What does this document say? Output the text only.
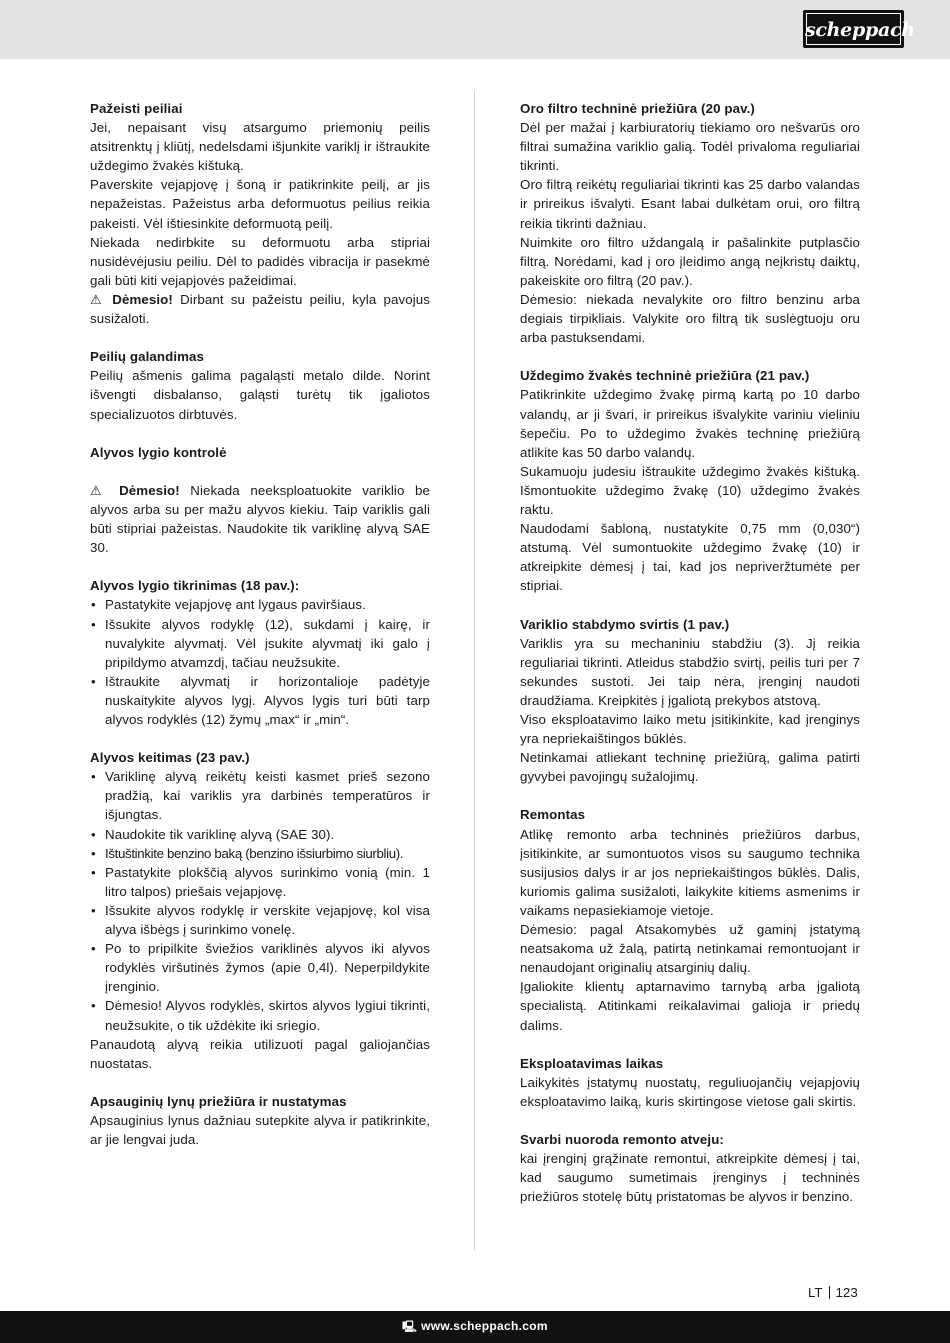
scheppach
Pažeisti peiliai

Jei, nepaisant visų atsargumo priemonių peilis atsitrenktų į kliūtį, nedelsdami išjunkite variklį ir ištraukite uždegimo žvakės kištuką.

Paverskite vejapjovę į šoną ir patikrinkite peilį, ar jis nepažeistas. Pažeistus arba deformuotus peilius reikia pakeisti. Vėl ištiesinkite deformuotą peilį.

Niekada nedirbkite su deformuotu arba stipriai nusidėvėjusiu peiliu. Dėl to padidės vibracija ir pasekmė gali būti kiti vejapjovės pažeidimai.

⚠ Dėmesio! Dirbant su pažeistu peiliu, kyla pavojus susižaloti.

Peilių galandimas

Peilių ašmenis galima pagaląsti metalo dilde. Norint išvengti disbalanso, galąsti turėtų tik įgaliotos specializuotos dirbtuvės.

Alyvos lygio kontrolė

⚠ Dėmesio! Niekada neeksploatuokite variklio be alyvos arba su per mažu alyvos kiekiu. Taip variklis gali būti stipriai pažeistas. Naudokite tik variklinę alyvą SAE 30.

Alyvos lygio tikrinimas (18 pav.):
• Pastatykite vejapjovę ant lygaus paviršiaus.
• Išsukite alyvos rodyklę (12), sukdami į kairę, ir nuvalykite alyvmatį. Vėl įsukite alyvmatį iki galo į pripildymo atvamzdį, tačiau neužsukite.
• Ištraukite alyvmatį ir horizontalioje padėtyje nuskaitykite alyvos lygį. Alyvos lygis turi būti tarp alyvos rodyklės (12) žymų „max“ ir „min“.
Alyvos keitimas (23 pav.)
• Variklinę alyvą reikėtų keisti kasmet prieš sezono pradžią, kai variklis yra darbinės temperatūros ir išjungtas.
• Naudokite tik variklinę alyvą (SAE 30).
• Ištuštinkite benzino baką (benzino išsiurbimo siurbliu).
• Pastatykite plokščią alyvos surinkimo vonią (min. 1 litro talpos) priešais vejapjovę.
• Išsukite alyvos rodyklę ir verskite vejapjovę, kol visa alyva išbėgs į surinkimo vonelę.
• Po to pripilkite šviežios variklinės alyvos iki alyvos rodyklės viršutinės žymos (apie 0,4l). Neperpildykite įrenginio.
• Dėmesio! Alyvos rodyklės, skirtos alyvos lygiui tikrinti, neužsukite, o tik uždėkite iki sriegio.

Panaudotą alyvą reikia utilizuoti pagal galiojančias nuostatas.

Apsauginių lynų priežiūra ir nustatymas

Apsauginius lynus dažniau sutepkite alyva ir patikrinkite, ar jie lengvai juda.

Oro filtro techninė priežiūra (20 pav.)

Dėl per mažai į karbiuratorių tiekiamo oro nešvarūs oro filtrai sumažina variklio galią. Todėl privaloma reguliariai tikrinti.

Oro filtrą reikėtų reguliariai tikrinti kas 25 darbo valandas ir prireikus išvalyti. Esant labai dulkėtam orui, oro filtrą reikia tikrinti dažniau.

Nuimkite oro filtro uždangalą ir pašalinkite putplasčio filtrą. Norėdami, kad į oro įleidimo angą neįkristų daiktų, pakeiskite oro filtrą (20 pav.).

Dėmesio: niekada nevalykite oro filtro benzinu arba degiais tirpikliais. Valykite oro filtrą tik suslėgtuoju oru arba pastuksendami.

Uždegimo žvakės techninė priežiūra (21 pav.)

Patikrinkite uždegimo žvakę pirmą kartą po 10 darbo valandų, ar ji švari, ir prireikus išvalykite variniu vieliniu šepečiu. Po to uždegimo žvakės techninę priežiūrą atlikite kas 50 darbo valandų.

Sukamuoju judesiu ištraukite uždegimo žvakės kištuką. Išmontuokite uždegimo žvakę (10) uždegimo žvakės raktu.

Naudodami šabloną, nustatykite 0,75 mm (0,030“) atstumą. Vėl sumontuokite uždegimo žvakę (10) ir atkreipkite dėmesį į tai, kad jos nepriveržtumėte per stipriai.

Variklio stabdymo svirtis (1 pav.)

Variklis yra su mechaniniu stabdžiu (3). Jį reikia reguliariai tikrinti. Atleidus stabdžio svirtį, peilis turi per 7 sekundes sustoti. Jei taip nėra, įrenginį naudoti draudžiama. Kreipkitės į įgaliotą prekybos atstovą.

Viso eksploatavimo laiko metu įsitikinkite, kad įrenginys yra nepriekaištingos būklės.

Netinkamai atliekant techninę priežiūrą, galima patirti gyvybei pavojingų sužalojimų.

Remontas

Atlikę remonto arba techninės priežiūros darbus, įsitikinkite, ar sumontuotos visos su saugumo technika susijusios dalys ir ar jos nepriekaištingos būklės. Dalis, kuriomis galima susižaloti, laikykite kitiems asmenims ir vaikams nepasiekiamoje vietoje.

Dėmesio: pagal Atsakomybės už gaminį įstatymą neatsakoma už žalą, patirtą netinkamai remontuojant ir nenaudojant originalių atsarginių dalių.

Įgaliokite klientų aptarnavimo tarnybą arba įgaliotą specialistą. Atitinkami reikalavimai galioja ir priedų dalims.

Eksploatavimas laikas

Laikykitės įstatymų nuostatų, reguliuojančių vejapjovių eksploatavimo laiką, kuris skirtingose vietose gali skirtis.

Svarbi nuoroda remonto atveju:

kai įrenginį grąžinate remontui, atkreipkite dėmesį į tai, kad saugumo sumetimais įrenginys į techninės priežiūros stotelę būtų pristatomas be alyvos ir benzino.

LT 123
🖳 www.scheppach.com
